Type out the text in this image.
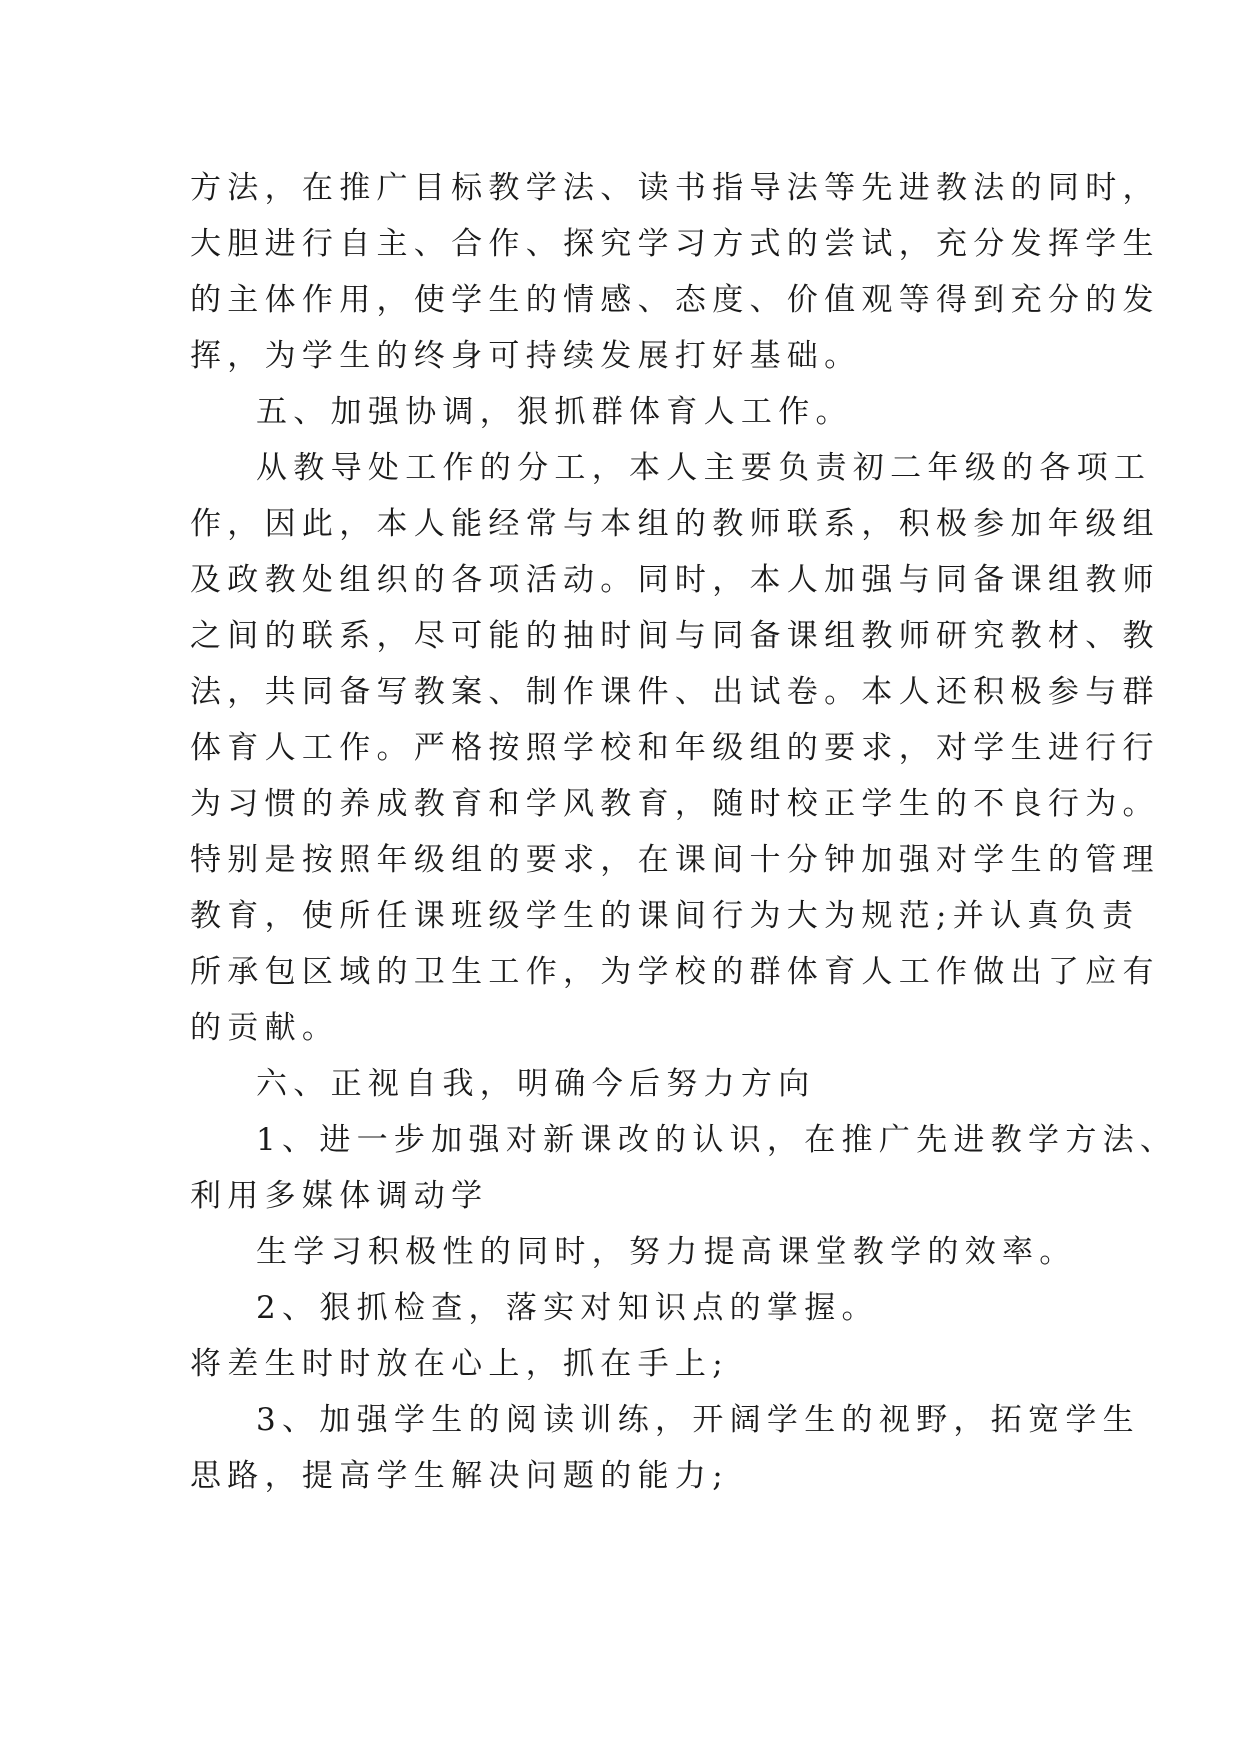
方法，在推广目标教学法、读书指导法等先进教法的同时，
大胆进行自主、合作、探究学习方式的尝试，充分发挥学生
的主体作用，使学生的情感、态度、价值观等得到充分的发
挥，为学生的终身可持续发展打好基础。
五、加强协调，狠抓群体育人工作。
从教导处工作的分工，本人主要负责初二年级的各项工
作，因此，本人能经常与本组的教师联系，积极参加年级组
及政教处组织的各项活动。同时，本人加强与同备课组教师
之间的联系，尽可能的抽时间与同备课组教师研究教材、教
法，共同备写教案、制作课件、出试卷。本人还积极参与群
体育人工作。严格按照学校和年级组的要求，对学生进行行
为习惯的养成教育和学风教育，随时校正学生的不良行为。
特别是按照年级组的要求，在课间十分钟加强对学生的管理
教育，使所任课班级学生的课间行为大为规范;并认真负责
所承包区域的卫生工作，为学校的群体育人工作做出了应有
的贡献。
六、正视自我，明确今后努力方向
1、进一步加强对新课改的认识，在推广先进教学方法、
利用多媒体调动学
生学习积极性的同时，努力提高课堂教学的效率。
2、狠抓检查，落实对知识点的掌握。
将差生时时放在心上，抓在手上;
3、加强学生的阅读训练，开阔学生的视野，拓宽学生
思路，提高学生解决问题的能力;
